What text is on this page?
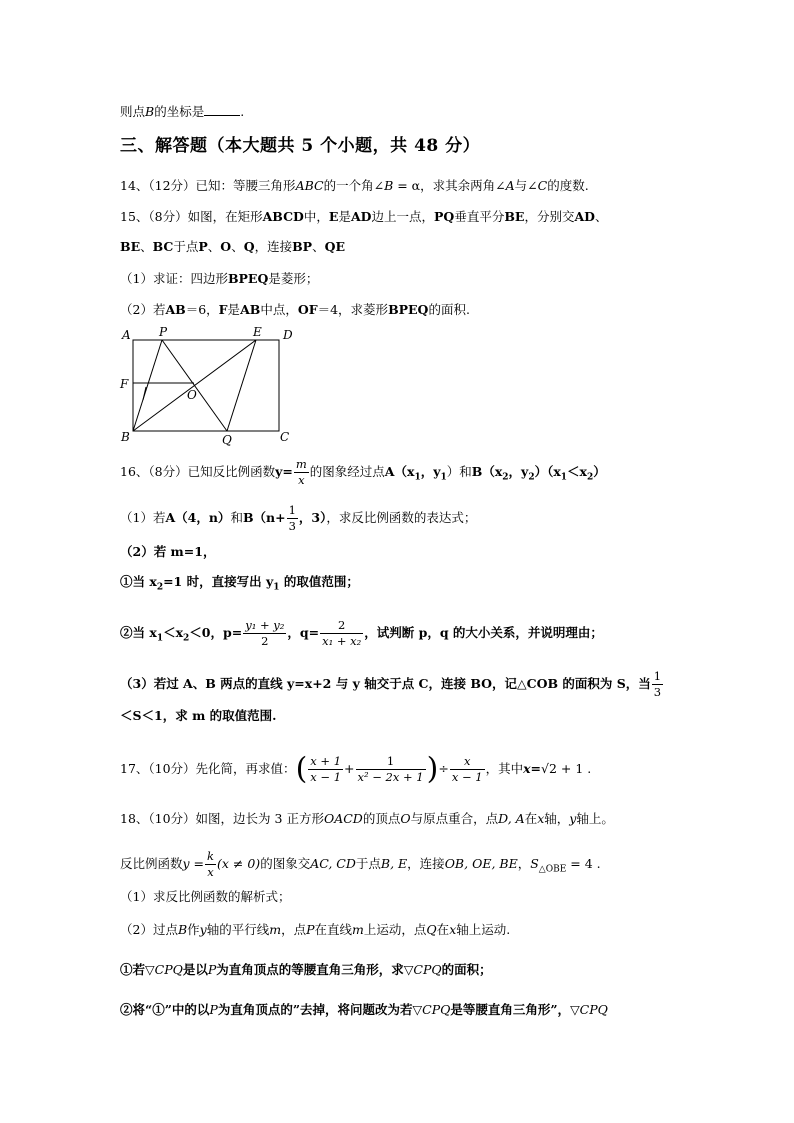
则点B的坐标是	.
三、解答题（本大题共 5 个小题，共 48 分）
14、（12分）已知：等腰三角形ABC的一个角∠B = α，求其余两角∠A与∠C的度数.
15、（8分）如图，在矩形ABCD中，E是AD边上一点，PQ垂直平分BE，分别交AD、
BE、BC于点P、O、Q，连接BP、QE
（1）求证：四边形BPEQ是菱形；
（2）若AB＝6，F是AB中点，OF＝4，求菱形BPEQ的面积.
A P	E D
F
O
B	Q	C
16、（8分）已知反比例函数$y= \frac{m}{x}$ 的图象经过点$A(x_1$，$y_1$）和$B(x_2$，$y_2)(x_1<x_2)$
（1）若A（4，n）和$B(n+ \frac{1}{3}$ ，3），求反比例函数的表达式；
（2）若 m=1，
①当 $x_2=1$ 时，直接写出 $y_1$ 的取值范围；
②当 $x_1<x_2<0$，$p= \frac{\text{y₁ + y₂}}{2}$ ，$q= \frac{2}{\text{x₁ + x₂}}$ ，试判断 p，q 的大小关系，并说明理由；
（3）若过 A、B 两点的直线 y=x+2 与 y 轴交于点 C，连接 BO，记△COB 的面积为 S，当 $\frac{1}{3}$
＜S＜1，求 m 的取值范围.
17、（10分）先化简，再求值：( $\frac{x + 1}{x - 1} + \frac{1}{\text{x² − 2x + 1}}$ )÷ $\frac{x}{x - 1}$ ，其中x=√2 + 1 .
18、（10分）如图，边长为 3 正方形OACD的顶点O与原点重合，点D, A在x轴，y轴上。
反比例函数$y = \frac{k}{x} (x \ne 0)$的图象交AC, CD于点B, E，连接OB, OE, BE，$S_{\triangle OBE} = 4$ .
（1）求反比例函数的解析式；
（2）过点B作y轴的平行线m，点P在直线m上运动，点Q在x轴上运动.
①若▽CPQ是以P为直角顶点的等腰直角三角形，求▽CPQ的面积；
②将“①”中的以P为直角顶点的”去掉，将问题改为若▽CPQ是等腰直角三角形”，▽CPQ
